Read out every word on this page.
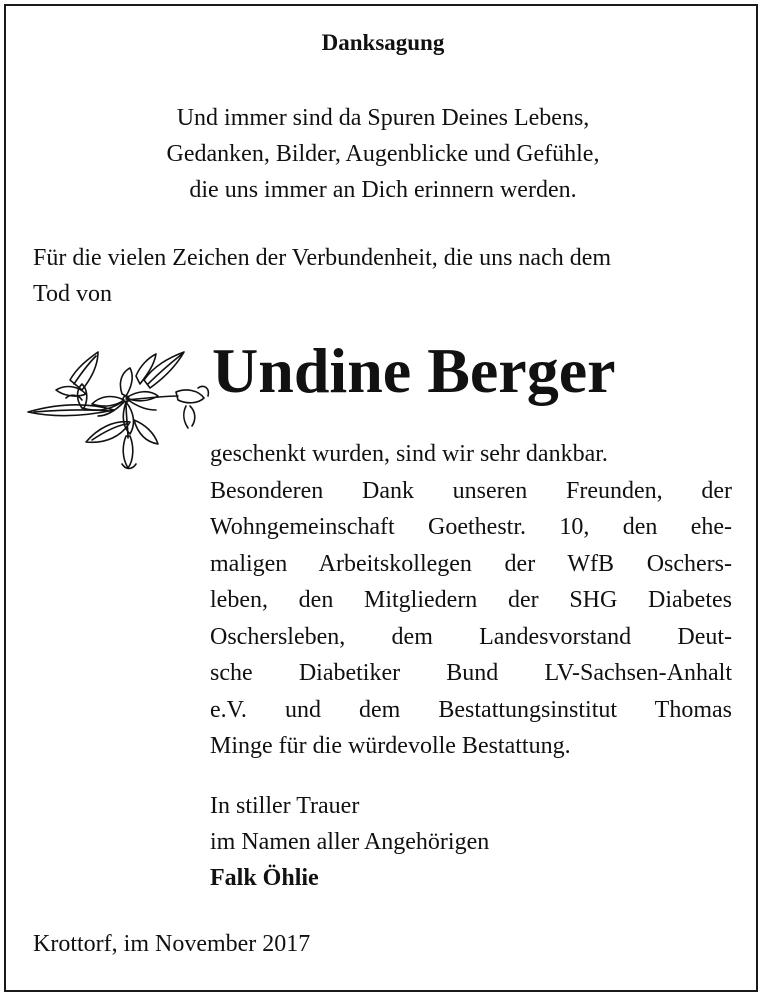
Danksagung
Und immer sind da Spuren Deines Lebens,
Gedanken, Bilder, Augenblicke und Gefühle,
die uns immer an Dich erinnern werden.
Für die vielen Zeichen der Verbundenheit, die uns nach dem
Tod von
Undine Berger
geschenkt wurden, sind wir sehr dankbar.
Besonderen Dank unseren Freunden, der
Wohngemeinschaft Goethestr. 10, den ehe-
maligen Arbeitskollegen der WfB Oschers-
leben, den Mitgliedern der SHG Diabetes
Oschersleben, dem Landesvorstand Deut-
sche Diabetiker Bund LV-Sachsen-Anhalt
e.V. und dem Bestattungsinstitut Thomas
Minge für die würdevolle Bestattung.
In stiller Trauer
im Namen aller Angehörigen
Falk Öhlie
Krottorf, im November 2017
